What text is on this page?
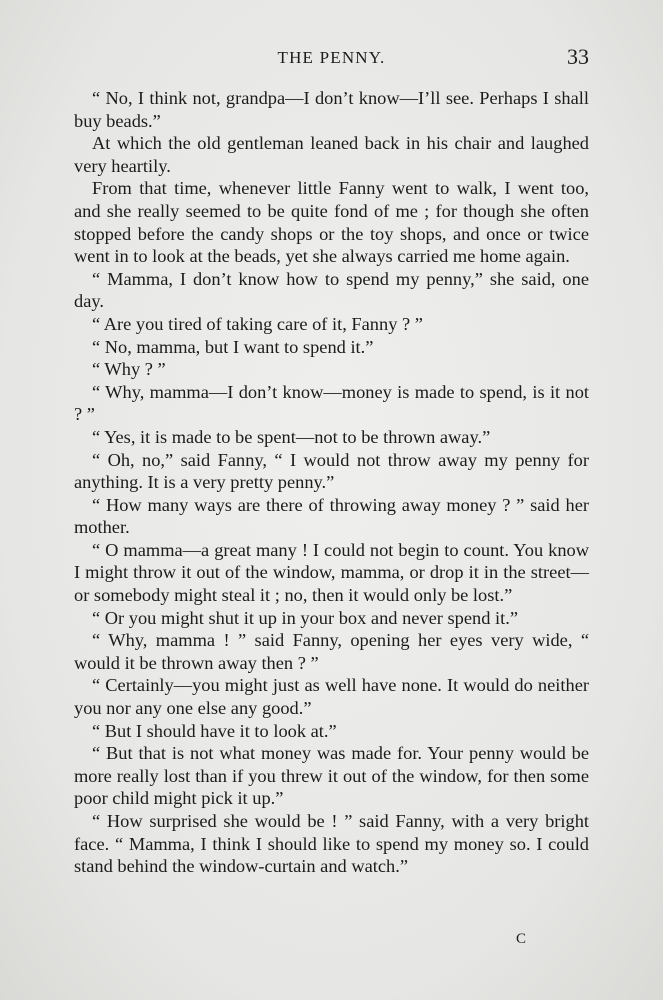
THE PENNY.	33

“ No, I think not, grandpa—I don’t know—I’ll see. Perhaps I shall buy beads.”

At which the old gentleman leaned back in his chair and laughed very heartily.

From that time, whenever little Fanny went to walk, I went too, and she really seemed to be quite fond of me ; for though she often stopped before the candy shops or the toy shops, and once or twice went in to look at the beads, yet she always carried me home again.

“ Mamma, I don’t know how to spend my penny,” she said, one day.

“ Are you tired of taking care of it, Fanny ? ”

“ No, mamma, but I want to spend it.”

“ Why ? ”

“ Why, mamma—I don’t know—money is made to spend, is it not ? ”

“ Yes, it is made to be spent—not to be thrown away.”

“ Oh, no,” said Fanny, “ I would not throw away my penny for anything. It is a very pretty penny.”

“ How many ways are there of throwing away money ? ” said her mother.

“ O mamma—a great many ! I could not begin to count. You know I might throw it out of the window, mamma, or drop it in the street—or somebody might steal it ; no, then it would only be lost.”

“ Or you might shut it up in your box and never spend it.”

“ Why, mamma ! ” said Fanny, opening her eyes very wide, “ would it be thrown away then ? ”

“ Certainly—you might just as well have none. It would do neither you nor any one else any good.”

“ But I should have it to look at.”

“ But that is not what money was made for. Your penny would be more really lost than if you threw it out of the window, for then some poor child might pick it up.”

“ How surprised she would be ! ” said Fanny, with a very bright face. “ Mamma, I think I should like to spend my money so. I could stand behind the window-curtain and watch.”

C
